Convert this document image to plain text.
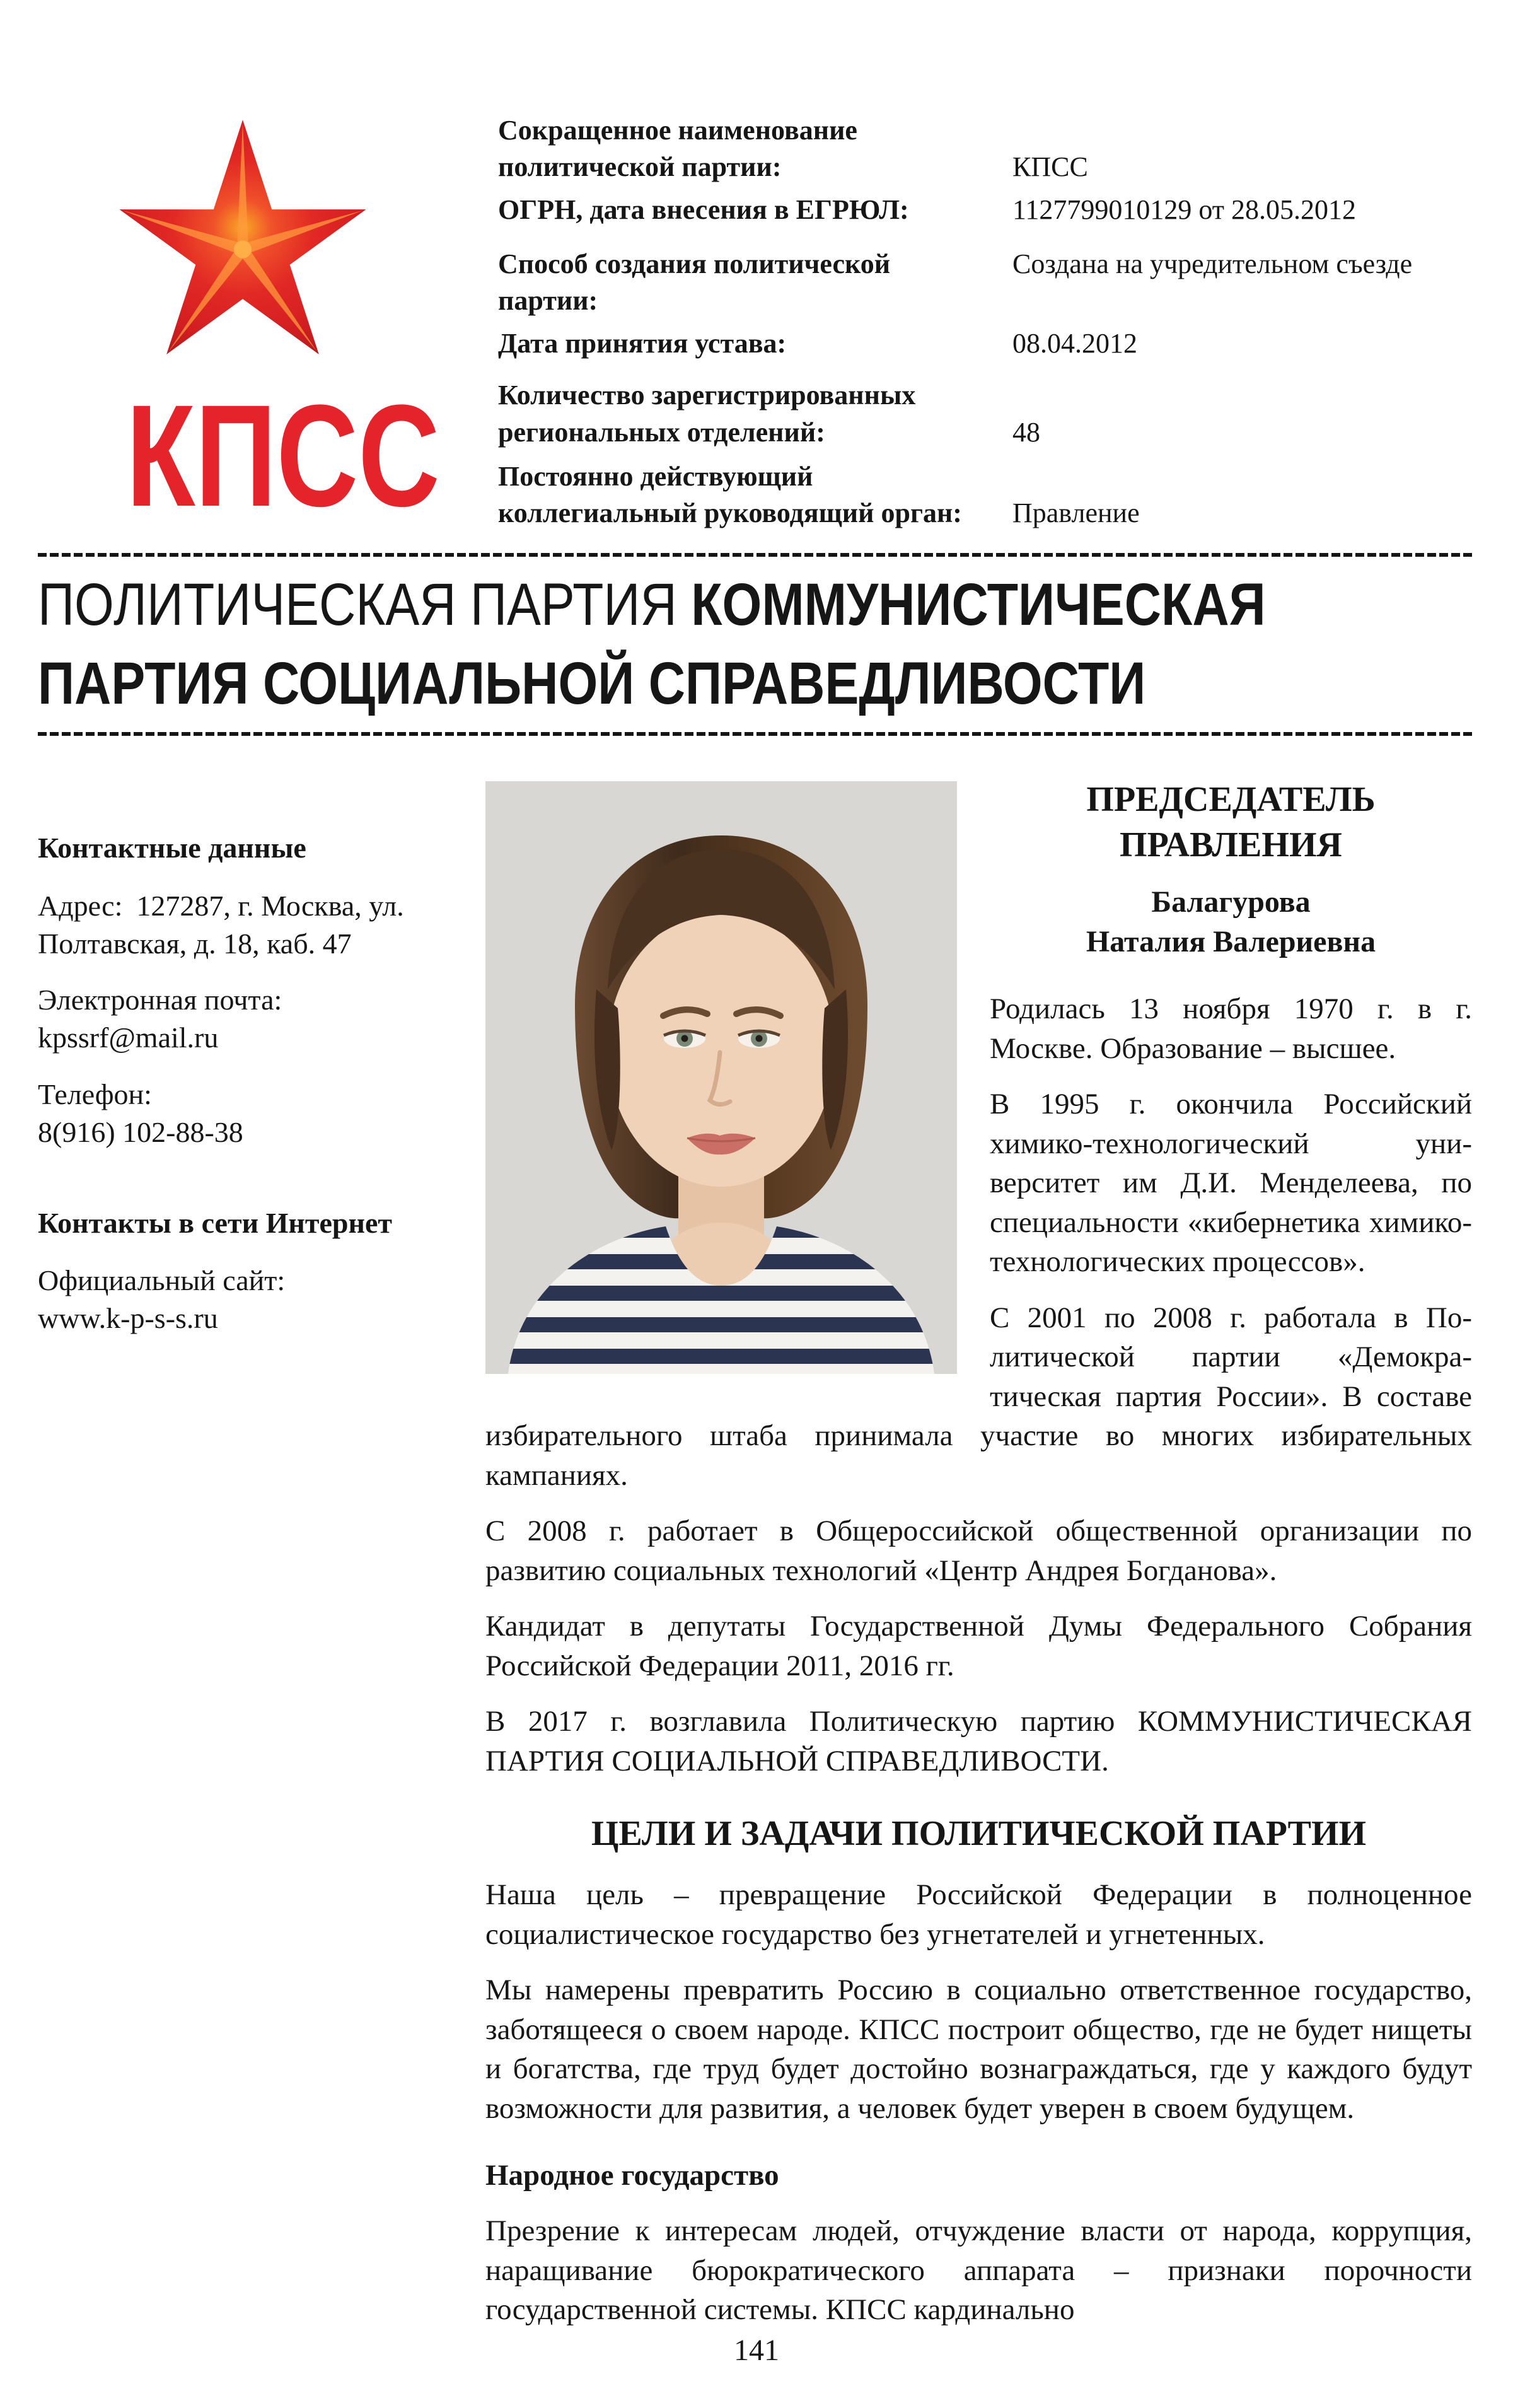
КПСС
Сокращенное наименование политической партии:	КПСС
ОГРН, дата внесения в ЕГРЮЛ:	1127799010129 от 28.05.2012
Способ создания политической партии:
Создана на учредительном съезде
Дата принятия устава:	08.04.2012
Количество зарегистрированных региональных отделений:	48
Постоянно действующий коллегиальный руководящий орган:	Правление
ПОЛИТИЧЕСКАЯ ПАРТИЯ КОММУНИСТИЧЕСКАЯ
ПАРТИЯ СОЦИАЛЬНОЙ СПРАВЕДЛИВОСТИ
Контактные данные

Адрес: 127287, г. Москва, ул. Полтавская, д. 18, каб. 47

Электронная почта:
kpssrf@mail.ru

Телефон:
8(916) 102-88-38

Контакты в сети Интернет

Официальный сайт:
www.k-p-s-s.ru

ПРЕДСЕДАТЕЛЬ
ПРАВЛЕНИЯ
Балагурова
Наталия Валериевна

Родилась 13 ноября 1970 г. в г. Москве. Образование – высшее.

В 1995 г. окончила Российский химико-технологический университет им Д.И. Менделеева, по специальности «кибернетика химико-технологических процессов».

С 2001 по 2008 г. работала в Политической партии «Демократическая партия России». В составе избирательного штаба принимала участие во многих избирательных кампаниях.

С 2008 г. работает в Общероссийской общественной организации по развитию социальных технологий «Центр Андрея Богданова».

Кандидат в депутаты Государственной Думы Федерального Собрания Российской Федерации 2011, 2016 гг.

В 2017 г. возглавила Политическую партию КОММУНИСТИЧЕСКАЯ ПАРТИЯ СОЦИАЛЬНОЙ СПРАВЕДЛИВОСТИ.

ЦЕЛИ И ЗАДАЧИ ПОЛИТИЧЕСКОЙ ПАРТИИ

Наша цель – превращение Российской Федерации в полноценное социалистическое государство без угнетателей и угнетенных.

Мы намерены превратить Россию в социально ответственное государство, заботящееся о своем народе. КПСС построит общество, где не будет нищеты и богатства, где труд будет достойно вознаграждаться, где у каждого будут возможности для развития, а человек будет уверен в своем будущем.

Народное государство

Презрение к интересам людей, отчуждение власти от народа, коррупция, наращивание бюрократического аппарата – признаки порочности государственной системы. КПСС кардинально

141
